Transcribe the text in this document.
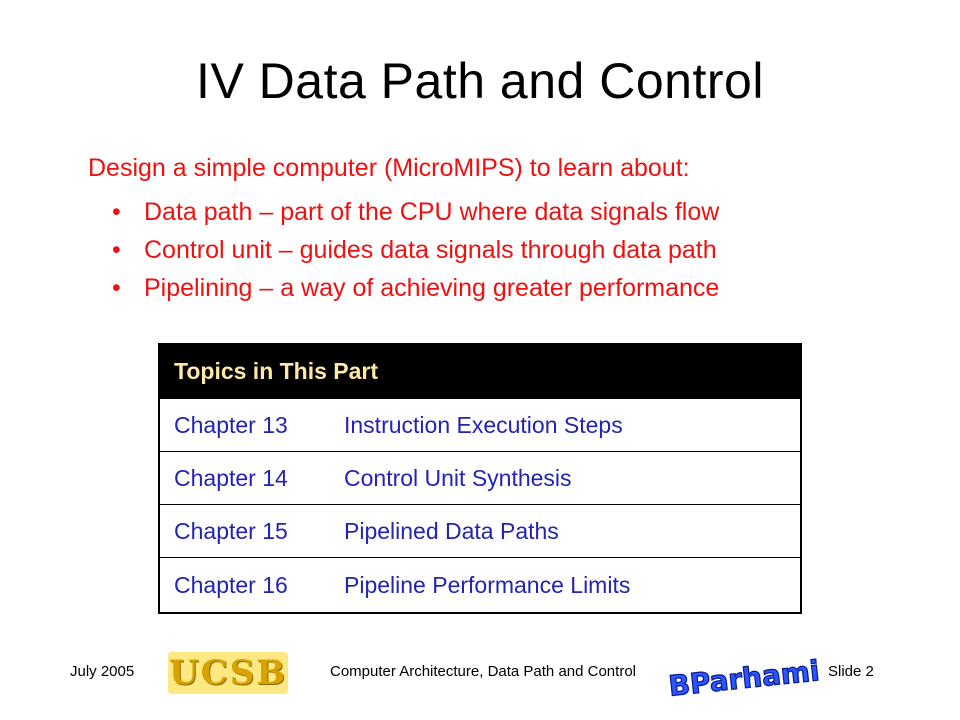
IV Data Path and Control
Design a simple computer (MicroMIPS) to learn about:
• Data path – part of the CPU where data signals flow
• Control unit – guides data signals through data path
• Pipelining – a way of achieving greater performance
Topics in This Part
Chapter 13	Instruction Execution Steps
Chapter 14	Control Unit Synthesis
Chapter 15	Pipelined Data Paths
Chapter 16	Pipeline Performance Limits
July 2005 UCSB	Computer Architecture, Data Path and Control BParhami Slide 2
